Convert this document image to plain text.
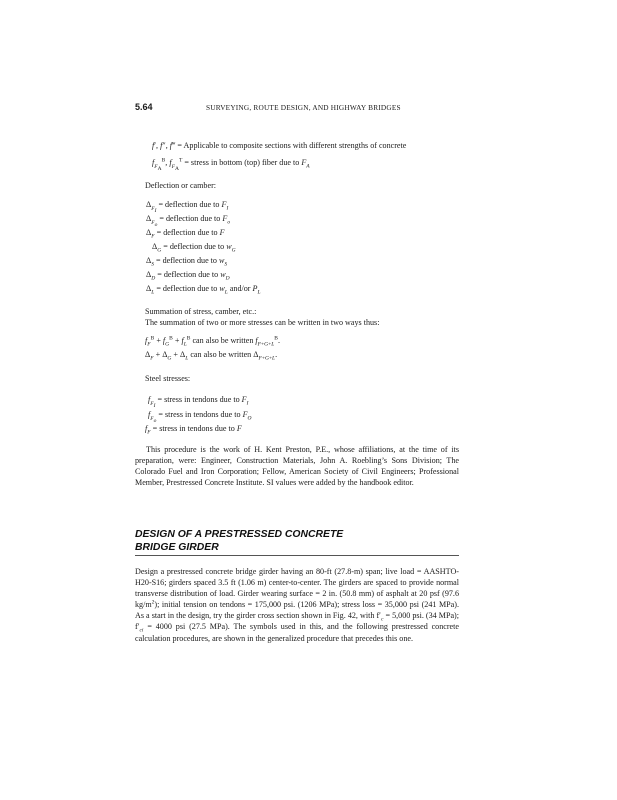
5.64	SURVEYING, ROUTE DESIGN, AND HIGHWAY BRIDGES
f′, f″, f‴ = Applicable to composite sections with different strengths of concrete
$f_{F_A}^B$, $f_{F_A}^T$ = stress in bottom (top) fiber due to $F_A$
Deflection or camber:
$\Delta_{F_I}$ = deflection due to $F_I$
$\Delta_{F_o}$ = deflection due to $F_o$
$\Delta_F$ = deflection due to F
$\Delta_G$ = deflection due to $w_G$
$\Delta_S$ = deflection due to $w_S$
$\Delta_D$ = deflection due to $w_D$
$\Delta_L$ = deflection due to $w_L$ and/or $P_L$
Summation of stress, camber, etc.:
The summation of two or more stresses can be written in two ways thus:
$f_F^B + f_G^B + f_L^B$ can also be written $f_{F+G+L}^B$.
$\Delta_F + \Delta_G + \Delta_L$ can also be written $\Delta_{F+G+L}$.
Steel stresses:
$f_{F_I}$ = stress in tendons due to $F_I$
$f_{F_o}$ = stress in tendons due to $F_O$
$f_F$ = stress in tendons due to F
This procedure is the work of H. Kent Preston, P.E., whose affiliations, at the time of its preparation, were: Engineer, Construction Materials, John A. Roebling’s Sons Division; The Colorado Fuel and Iron Corporation; Fellow, American Society of Civil Engineers; Professional Member, Prestressed Concrete Institute. SI values were added by the handbook editor.
DESIGN OF A PRESTRESSED CONCRETE
BRIDGE GIRDER
Design a prestressed concrete bridge girder having an 80-ft (27.8-m) span; live load = AASHTO-H20-S16; girders spaced 3.5 ft (1.06 m) center-to-center. The girders are spaced to provide normal transverse distribution of load. Girder wearing surface = 2 in. (50.8 mm) of asphalt at 20 psf (97.6 $kg/m^2$); initial tension on tendons = 175,000 psi. (1206 MPa); stress loss = 35,000 psi (241 MPa). As a start in the design, try the girder cross section shown in Fig. 42, with $f'_c = 5,000$ psi. (34 MPa); $f'_{ci} = 4000$ psi (27.5 MPa). The symbols used in this, and the following prestressed concrete calculation procedures, are shown in the generalized procedure that precedes this one.
